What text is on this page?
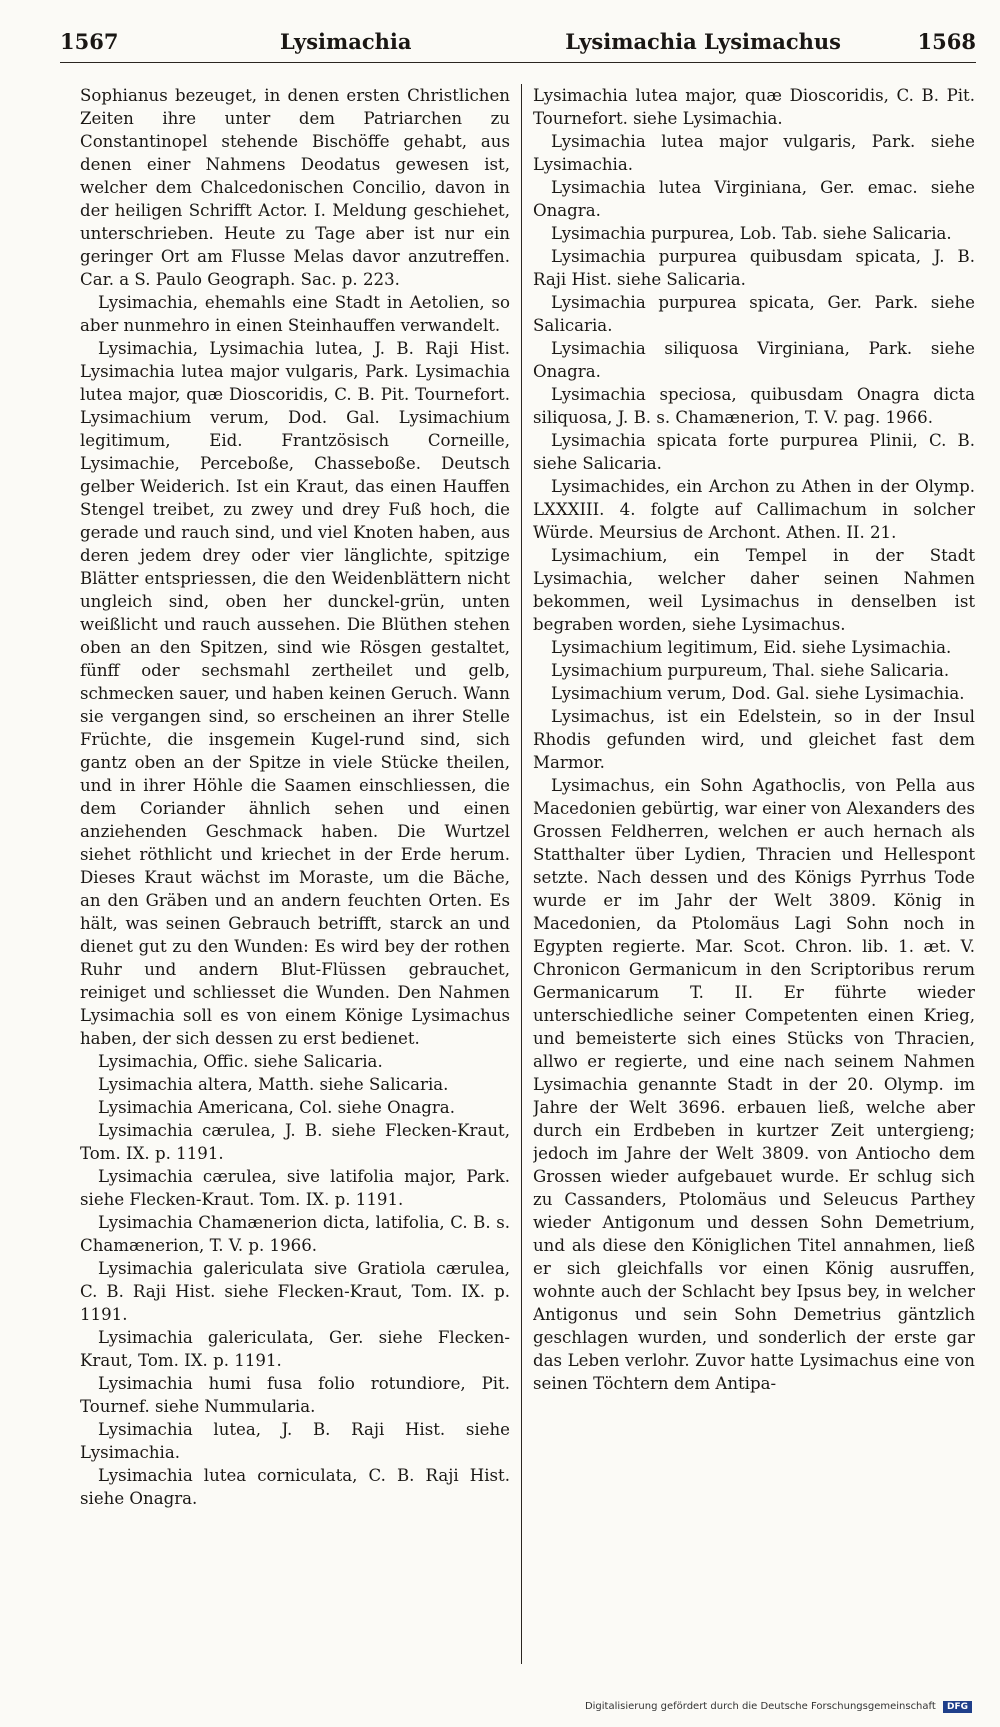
1567	Lysimachia	Lysimachia Lysimachus	1568

Sophianus bezeuget, in denen ersten Christlichen Zeiten ihre unter dem Patriarchen zu Constantinopel stehende Bischöffe gehabt, aus denen einer Nahmens Deodatus gewesen ist, welcher dem Chalcedonischen Concilio, davon in der heiligen Schrifft Actor. I. Meldung geschiehet, unterschrieben. Heute zu Tage aber ist nur ein geringer Ort am Flusse Melas davor anzutreffen. Car. a S. Paulo Geograph. Sac. p. 223.

Lysimachia, ehemahls eine Stadt in Aetolien, so aber nunmehro in einen Steinhauffen verwandelt.

Lysimachia, Lysimachia lutea, J. B. Raji Hist. Lysimachia lutea major vulgaris, Park. Lysimachia lutea major, quæ Dioscoridis, C. B. Pit. Tournefort. Lysimachium verum, Dod. Gal. Lysimachium legitimum, Eid. Frantzösisch Corneille, Lysimachie, Perceboße, Chasseboße. Deutsch gelber Weiderich. Ist ein Kraut, das einen Hauffen Stengel treibet, zu zwey und drey Fuß hoch, die gerade und rauch sind, und viel Knoten haben, aus deren jedem drey oder vier länglichte, spitzige Blätter entspriessen, die den Weidenblättern nicht ungleich sind, oben her dunckel-grün, unten weißlicht und rauch aussehen. Die Blüthen stehen oben an den Spitzen, sind wie Rösgen gestaltet, fünff oder sechsmahl zertheilet und gelb, schmecken sauer, und haben keinen Geruch. Wann sie vergangen sind, so erscheinen an ihrer Stelle Früchte, die insgemein Kugel-rund sind, sich gantz oben an der Spitze in viele Stücke theilen, und in ihrer Höhle die Saamen einschliessen, die dem Coriander ähnlich sehen und einen anziehenden Geschmack haben. Die Wurtzel siehet röthlicht und kriechet in der Erde herum. Dieses Kraut wächst im Moraste, um die Bäche, an den Gräben und an andern feuchten Orten. Es hält, was seinen Gebrauch betrifft, starck an und dienet gut zu den Wunden: Es wird bey der rothen Ruhr und andern Blut-Flüssen gebrauchet, reiniget und schliesset die Wunden. Den Nahmen Lysimachia soll es von einem Könige Lysimachus haben, der sich dessen zu erst bedienet.

Lysimachia, Offic. siehe Salicaria.

Lysimachia altera, Matth. siehe Salicaria.

Lysimachia Americana, Col. siehe Onagra.

Lysimachia cærulea, J. B. siehe Flecken-Kraut, Tom. IX. p. 1191.

Lysimachia cærulea, sive latifolia major, Park. siehe Flecken-Kraut. Tom. IX. p. 1191.

Lysimachia Chamænerion dicta, latifolia, C. B. s. Chamænerion, T. V. p. 1966.

Lysimachia galericulata sive Gratiola cærulea, C. B. Raji Hist. siehe Flecken-Kraut, Tom. IX. p. 1191.

Lysimachia galericulata, Ger. siehe Flecken-Kraut, Tom. IX. p. 1191.

Lysimachia humi fusa folio rotundiore, Pit. Tournef. siehe Nummularia.

Lysimachia lutea, J. B. Raji Hist. siehe Lysimachia.

Lysimachia lutea corniculata, C. B. Raji Hist. siehe Onagra.

Lysimachia lutea major, quæ Dioscoridis, C. B. Pit. Tournefort. siehe Lysimachia.

Lysimachia lutea major vulgaris, Park. siehe Lysimachia.

Lysimachia lutea Virginiana, Ger. emac. siehe Onagra.

Lysimachia purpurea, Lob. Tab. siehe Salicaria.

Lysimachia purpurea quibusdam spicata, J. B. Raji Hist. siehe Salicaria.

Lysimachia purpurea spicata, Ger. Park. siehe Salicaria.

Lysimachia siliquosa Virginiana, Park. siehe Onagra.

Lysimachia speciosa, quibusdam Onagra dicta siliquosa, J. B. s. Chamænerion, T. V. pag. 1966.

Lysimachia spicata forte purpurea Plinii, C. B. siehe Salicaria.

Lysimachides, ein Archon zu Athen in der Olymp. LXXXIII. 4. folgte auf Callimachum in solcher Würde. Meursius de Archont. Athen. II. 21.

Lysimachium, ein Tempel in der Stadt Lysimachia, welcher daher seinen Nahmen bekommen, weil Lysimachus in denselben ist begraben worden, siehe Lysimachus.

Lysimachium legitimum, Eid. siehe Lysimachia.

Lysimachium purpureum, Thal. siehe Salicaria.

Lysimachium verum, Dod. Gal. siehe Lysimachia.

Lysimachus, ist ein Edelstein, so in der Insul Rhodis gefunden wird, und gleichet fast dem Marmor.

Lysimachus, ein Sohn Agathoclis, von Pella aus Macedonien gebürtig, war einer von Alexanders des Grossen Feldherren, welchen er auch hernach als Statthalter über Lydien, Thracien und Hellespont setzte. Nach dessen und des Königs Pyrrhus Tode wurde er im Jahr der Welt 3809. König in Macedonien, da Ptolomäus Lagi Sohn noch in Egypten regierte. Mar. Scot. Chron. lib. 1. æt. V. Chronicon Germanicum in den Scriptoribus rerum Germanicarum T. II. Er führte wieder unterschiedliche seiner Competenten einen Krieg, und bemeisterte sich eines Stücks von Thracien, allwo er regierte, und eine nach seinem Nahmen Lysimachia genannte Stadt in der 20. Olymp. im Jahre der Welt 3696. erbauen ließ, welche aber durch ein Erdbeben in kurtzer Zeit untergieng; jedoch im Jahre der Welt 3809. von Antiocho dem Grossen wieder aufgebauet wurde. Er schlug sich zu Cassanders, Ptolomäus und Seleucus Parthey wieder Antigonum und dessen Sohn Demetrium, und als diese den Königlichen Titel annahmen, ließ er sich gleichfalls vor einen König ausruffen, wohnte auch der Schlacht bey Ipsus bey, in welcher Antigonus und sein Sohn Demetrius gäntzlich geschlagen wurden, und sonderlich der erste gar das Leben verlohr. Zuvor hatte Lysimachus eine von seinen Töchtern dem Antipa-

Digitalisierung gefördert durch die Deutsche Forschungsgemeinschaft DFG
